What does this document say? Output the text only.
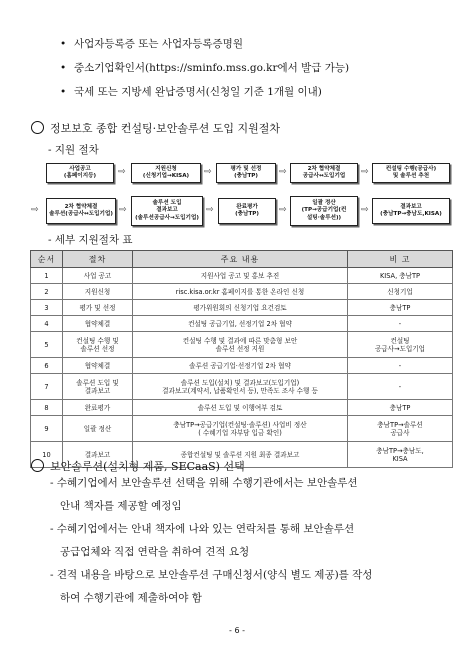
• 사업자등록증 또는 사업자등록증명원
• 중소기업확인서(https://sminfo.mss.go.kr에서 발급 가능)
• 국세 또는 지방세 완납증명서(신청일 기준 1개월 이내)
정보보호 종합 컨설팅·보안솔루션 도입 지원절차
- 지원 절차
사업공고
(홈페이지등) ⇨	지원신청
(신청기업→KISA) ⇨	평가 및 선정
(충남TP) ⇨	2차 협약체결
공급사↔도입기업 ⇨	컨설팅 수행(공급사)
및 솔루션 추천
⇨	2차 협약체결
솔루션(공급사↔도입기업) ⇨
솔루션 도입
결과보고
(솔루션공급사→도입기업)
⇨	완료평가
(충남TP) ⇨
일괄 정산
(TP→공급기업(컨
설팅·솔루션))
⇨	결과보고
(충남TP→충남도,KISA)
- 세부 지원절차 표
순서	절차	주요 내용	비 고
1	사업 공고	지원사업 공고 및 홍보 추진	KISA, 충남TP
2	지원신청	risc.kisa.or.kr 홈페이지를 통한 온라인 신청	신청기업
3	평가 및 선정	평가위원회의 신청기업 요건검토	충남TP
4	협약체결	컨설팅 공급기업, 선정기업 2차 협약	-
5	컨설팅 수행 및
솔루션 선정	컨설팅 수행 및 결과에 따른 맞춤형 보안
솔루션 선정 지원	컨설팅
공급사→도입기업
6	협약체결	솔루션 공급기업·선정기업 2차 협약	-
7	솔루션 도입 및
결과보고	솔루션 도입(설치) 및 결과보고(도입기업)
결과보고(계약서, 납품확인서 등), 만족도 조사 수행 등	-
8	완료평가	솔루션 도입 및 이행여부 검토	충남TP
9	일괄 정산	충남TP→공급기업(컨설팅·솔루션) 사업비 정산
( 수혜기업 자부담 입금 확인)	충남TP→솔루션
공급사
10	결과보고	종합컨설팅 및 솔루션 지원 최종 결과보고	충남TP→충남도,
KISA
보안솔루션(설치형 제품, SECaaS) 선택
- 수혜기업에서 보안솔루션 선택을 위해 수행기관에서는 보안솔루션
안내 책자를 제공할 예정임
- 수혜기업에서는 안내 책자에 나와 있는 연락처를 통해 보안솔루션
공급업체와 직접 연락을 취하여 견적 요청
- 견적 내용을 바탕으로 보안솔루션 구매신청서(양식 별도 제공)를 작성
하여 수행기관에 제출하여야 함
- 6 -
